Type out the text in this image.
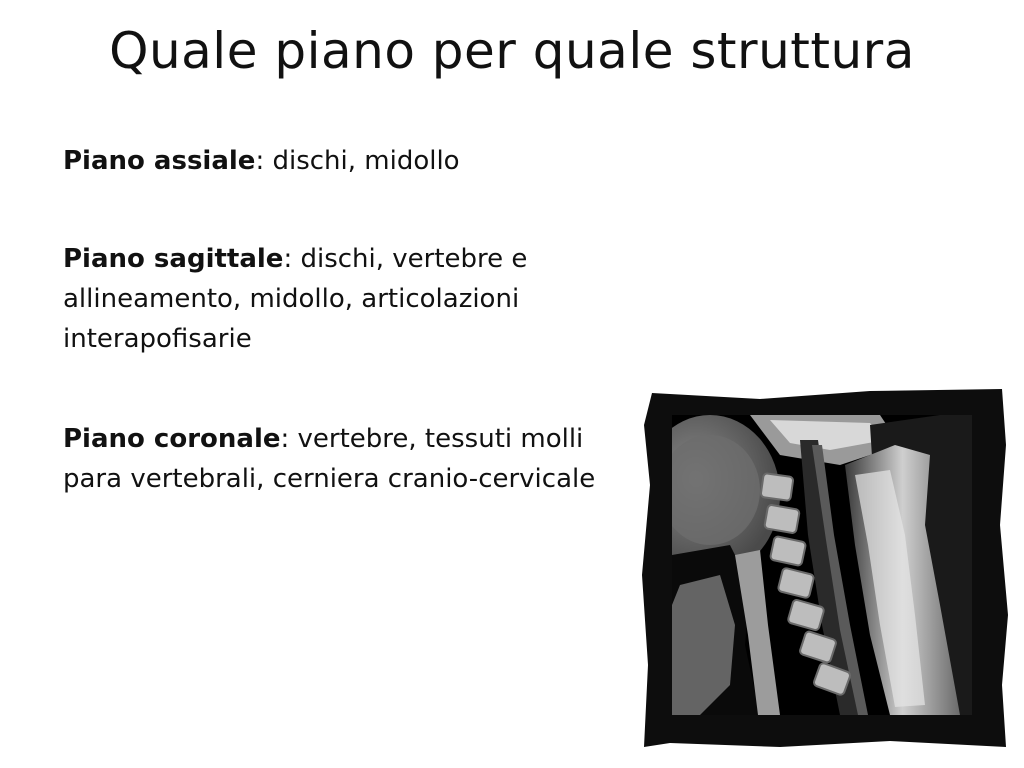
Quale piano per quale struttura
Piano assiale: dischi, midollo
Piano sagittale: dischi, vertebre e allineamento, midollo, articolazioni interapofisarie
Piano coronale: vertebre, tessuti molli para vertebrali, cerniera cranio-cervicale
